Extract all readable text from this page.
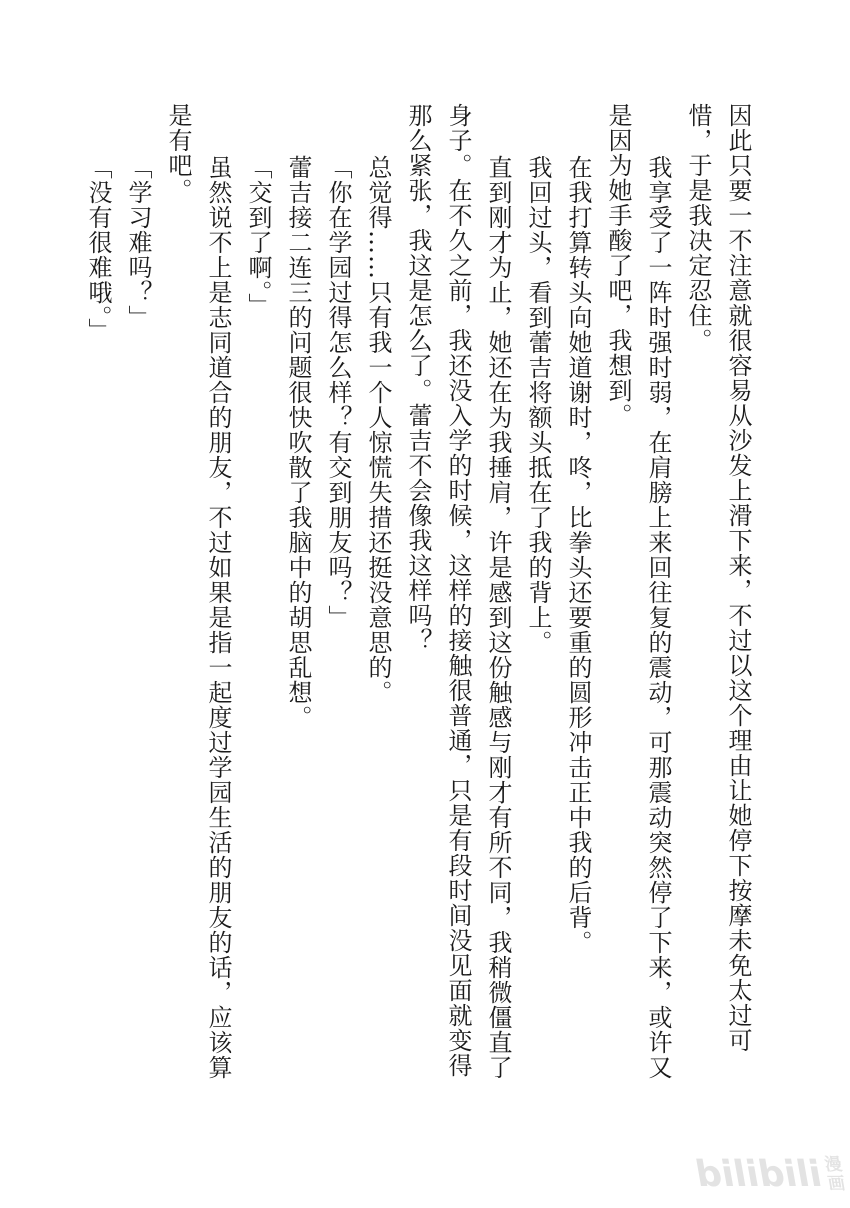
因此只要一不注意就很容易从沙发上滑下来，不过以这个理由让她停下按摩未免太过可

惜，于是我决定忍住。

我享受了一阵时强时弱，在肩膀上来回往复的震动，可那震动突然停了下来，或许又

是因为她手酸了吧，我想到。

在我打算转头向她道谢时，咚，比拳头还要重的圆形冲击正中我的后背。

我回过头，看到蕾吉将额头抵在了我的背上。

直到刚才为止，她还在为我捶肩，许是感到这份触感与刚才有所不同，我稍微僵直了

身子。在不久之前，我还没入学的时候，这样的接触很普通，只是有段时间没见面就变得

那么紧张，我这是怎么了。蕾吉不会像我这样吗？

总觉得……只有我一个人惊慌失措还挺没意思的。

「你在学园过得怎么样？有交到朋友吗？」

蕾吉接二连三的问题很快吹散了我脑中的胡思乱想。

「交到了啊。」

虽然说不上是志同道合的朋友，不过如果是指一起度过学园生活的朋友的话，应该算

是有吧。

「学习难吗？」

「没有很难哦。」

bilibili
漫
画
